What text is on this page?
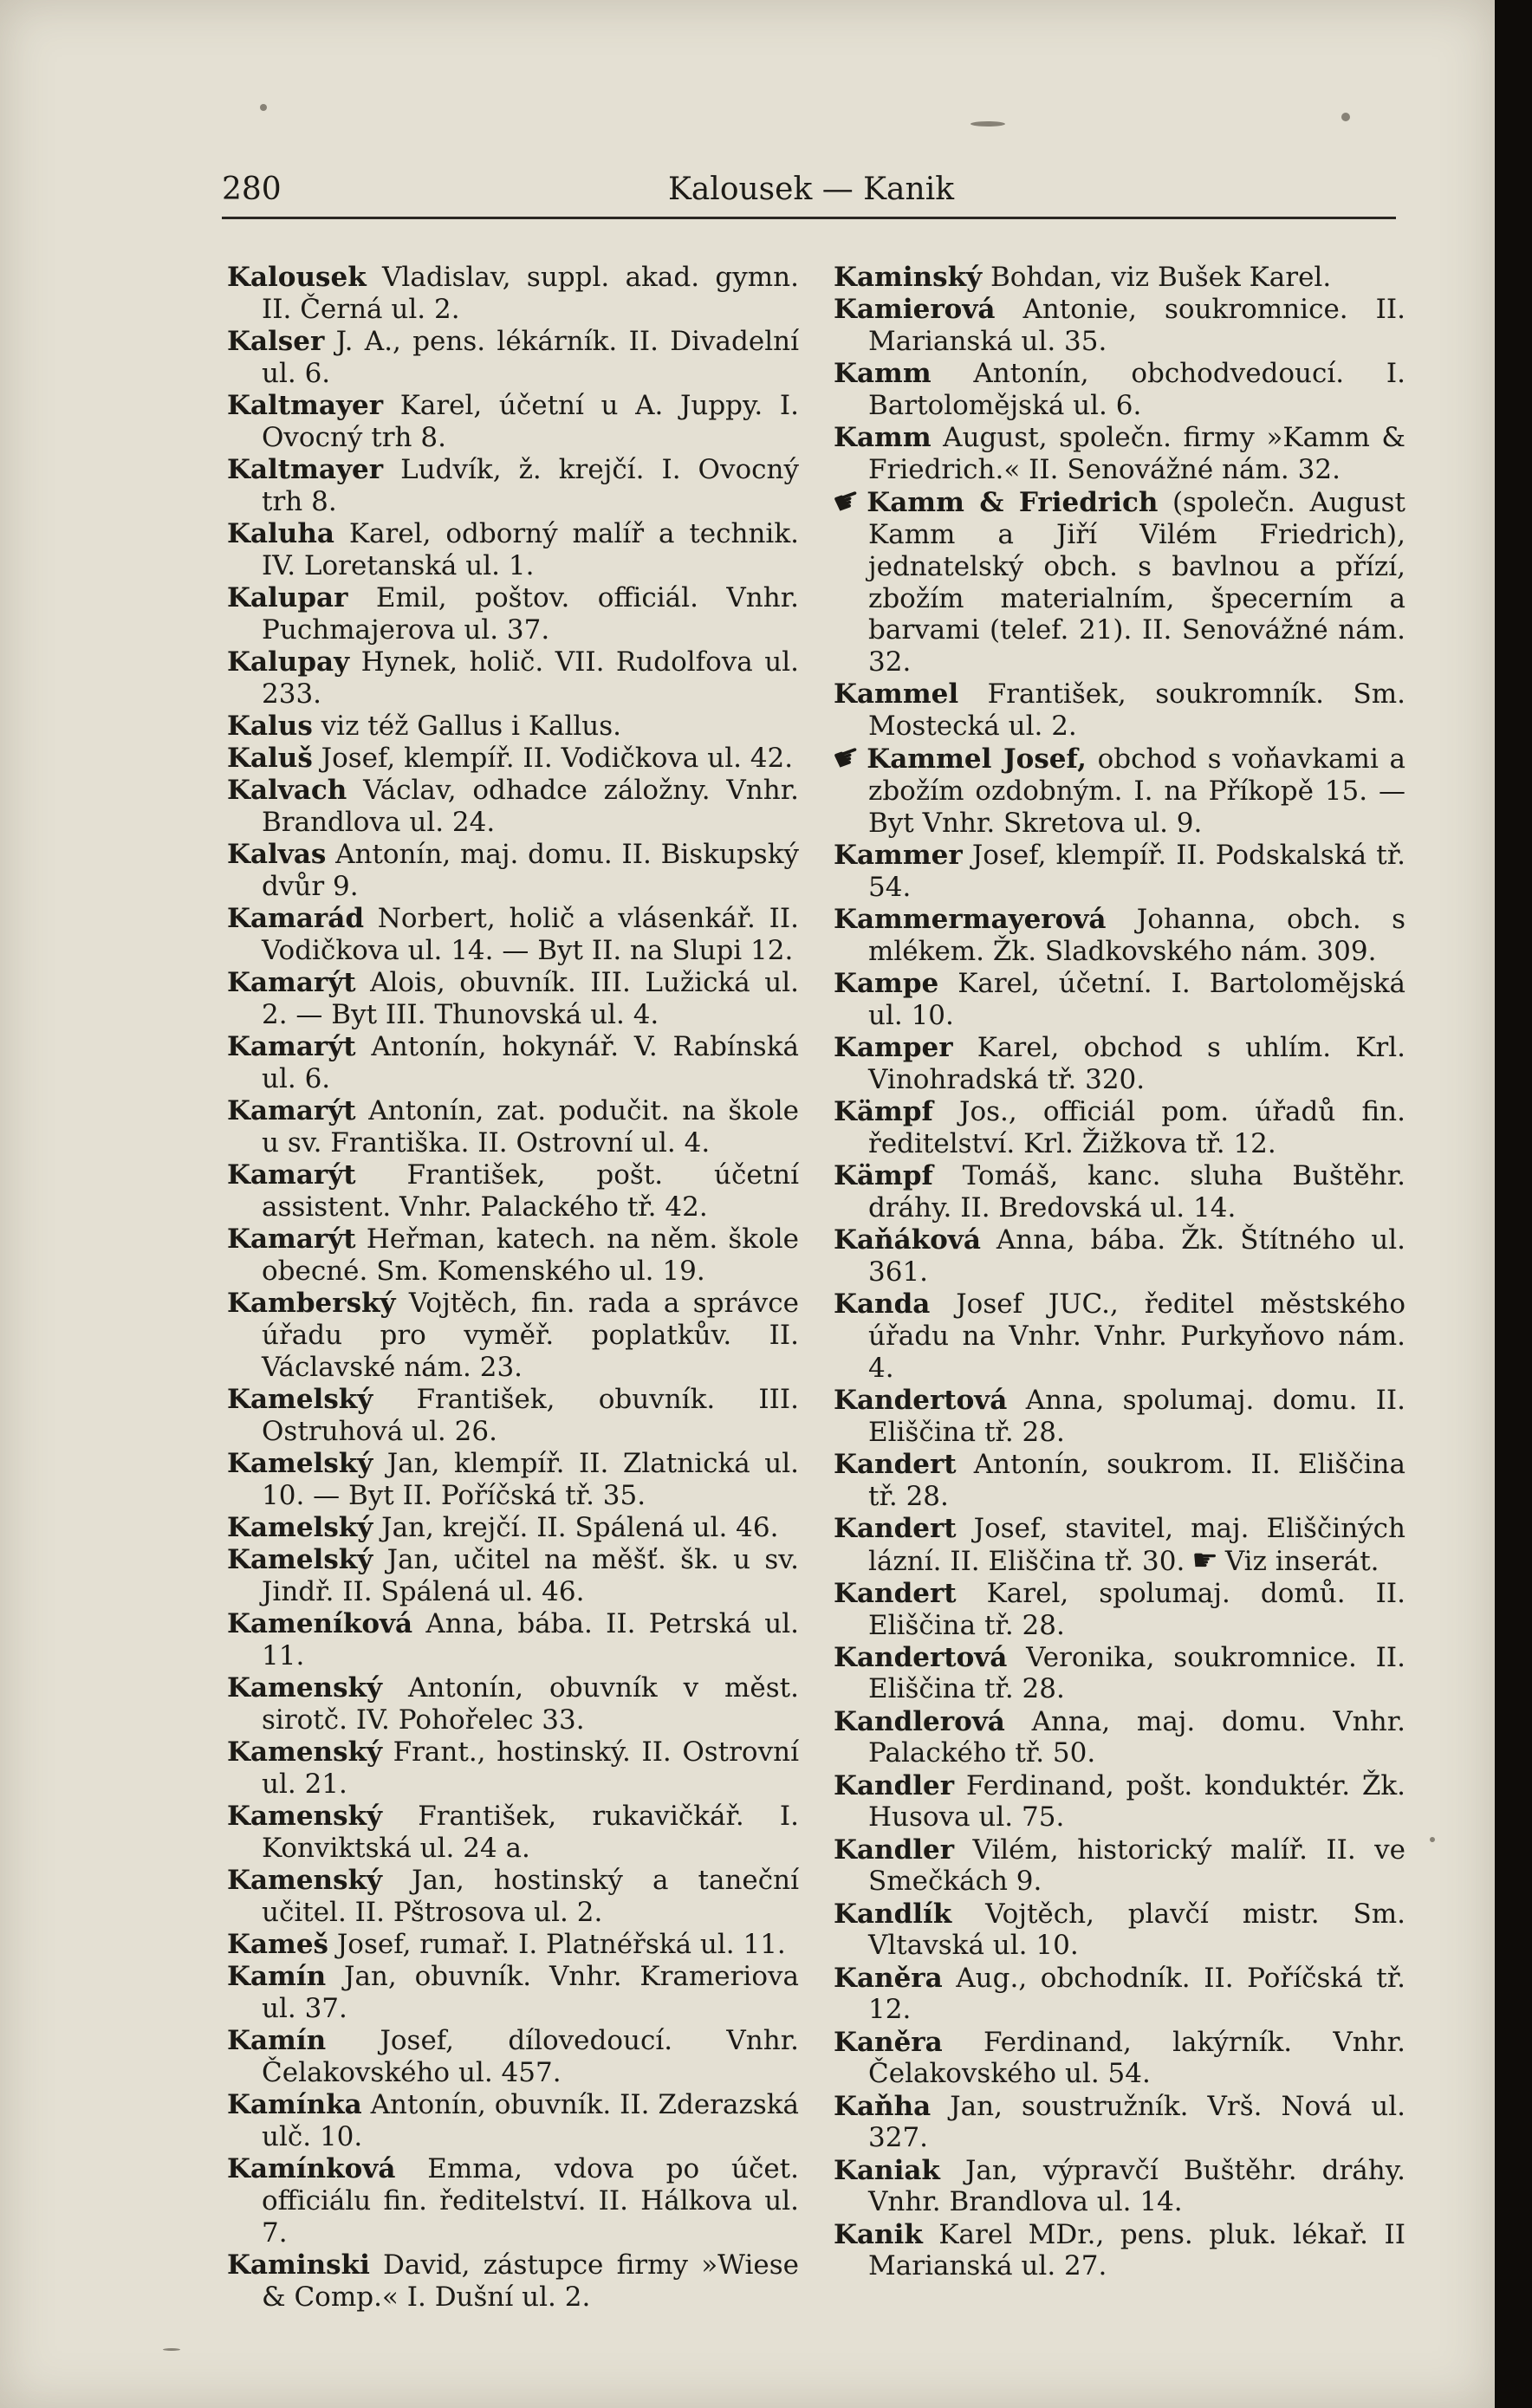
280	Kalousek — Kanik

Kalousek Vladislav, suppl. akad. gymn. II. Černá ul. 2.

Kalser J. A., pens. lékárník. II. Divadelní ul. 6.

Kaltmayer Karel, účetní u A. Juppy. I. Ovocný trh 8.

Kaltmayer Ludvík, ž. krejčí. I. Ovocný trh 8.

Kaluha Karel, odborný malíř a technik. IV. Loretanská ul. 1.

Kalupar Emil, poštov. officiál. Vnhr. Puchmajerova ul. 37.

Kalupay Hynek, holič. VII. Rudolfova ul. 233.

Kalus viz též Gallus i Kallus.

Kaluš Josef, klempíř. II. Vodičkova ul. 42.

Kalvach Václav, odhadce záložny. Vnhr. Brandlova ul. 24.

Kalvas Antonín, maj. domu. II. Biskupský dvůr 9.

Kamarád Norbert, holič a vlásenkář. II. Vodičkova ul. 14. — Byt II. na Slupi 12.

Kamarýt Alois, obuvník. III. Lužická ul. 2. — Byt III. Thunovská ul. 4.

Kamarýt Antonín, hokynář. V. Rabínská ul. 6.

Kamarýt Antonín, zat. podučit. na škole u sv. Františka. II. Ostrovní ul. 4.

Kamarýt František, pošt. účetní assistent. Vnhr. Palackého tř. 42.

Kamarýt Heřman, katech. na něm. škole obecné. Sm. Komenského ul. 19.

Kamberský Vojtěch, fin. rada a správce úřadu pro vyměř. poplatkův. II. Václavské nám. 23.

Kamelský František, obuvník. III. Ostruhová ul. 26.

Kamelský Jan, klempíř. II. Zlatnická ul. 10. — Byt II. Poříčská tř. 35.

Kamelský Jan, krejčí. II. Spálená ul. 46.

Kamelský Jan, učitel na měšť. šk. u sv. Jindř. II. Spálená ul. 46.

Kameníková Anna, bába. II. Petrská ul. 11.

Kamenský Antonín, obuvník v měst. sirotč. IV. Pohořelec 33.

Kamenský Frant., hostinský. II. Ostrovní ul. 21.

Kamenský František, rukavičkář. I. Konviktská ul. 24 a.

Kamenský Jan, hostinský a taneční učitel. II. Pštrosova ul. 2.

Kameš Josef, rumař. I. Platnéřská ul. 11.

Kamín Jan, obuvník. Vnhr. Krameriova ul. 37.

Kamín Josef, dílovedoucí. Vnhr. Čelakovského ul. 457.

Kamínka Antonín, obuvník. II. Zderazská ulč. 10.

Kamínková Emma, vdova po účet. officiálu fin. ředitelství. II. Hálkova ul. 7.

Kaminski David, zástupce firmy »Wiese & Comp.« I. Dušní ul. 2.

Kaminský Bohdan, viz Bušek Karel.

Kamierová Antonie, soukromnice. II. Marianská ul. 35.

Kamm Antonín, obchodvedoucí. I. Bartolomějská ul. 6.

Kamm August, společn. firmy »Kamm & Friedrich.« II. Senovážné nám. 32.

☛Kamm & Friedrich (společn. August Kamm a Jiří Vilém Friedrich), jednatelský obch. s bavlnou a přízí, zbožím materialním, špecerním a barvami (telef. 21). II. Senovážné nám. 32.

Kammel František, soukromník. Sm. Mostecká ul. 2.

☛Kammel Josef, obchod s voňavkami a zbožím ozdobným. I. na Příkopě 15. — Byt Vnhr. Skretova ul. 9.

Kammer Josef, klempíř. II. Podskalská tř. 54.

Kammermayerová Johanna, obch. s mlékem. Žk. Sladkovského nám. 309.

Kampe Karel, účetní. I. Bartolomějská ul. 10.

Kamper Karel, obchod s uhlím. Krl. Vinohradská tř. 320.

Kämpf Jos., officiál pom. úřadů fin. ředitelství. Krl. Žižkova tř. 12.

Kämpf Tomáš, kanc. sluha Buštěhr. dráhy. II. Bredovská ul. 14.

Kaňáková Anna, bába. Žk. Štítného ul. 361.

Kanda Josef JUC., ředitel městského úřadu na Vnhr. Vnhr. Purkyňovo nám. 4.

Kandertová Anna, spolumaj. domu. II. Eliščina tř. 28.

Kandert Antonín, soukrom. II. Eliščina tř. 28.

Kandert Josef, stavitel, maj. Eliščiných lázní. II. Eliščina tř. 30. ☛ Viz inserát.

Kandert Karel, spolumaj. domů. II. Eliščina tř. 28.

Kandertová Veronika, soukromnice. II. Eliščina tř. 28.

Kandlerová Anna, maj. domu. Vnhr. Palackého tř. 50.

Kandler Ferdinand, pošt. konduktér. Žk. Husova ul. 75.

Kandler Vilém, historický malíř. II. ve Smečkách 9.

Kandlík Vojtěch, plavčí mistr. Sm. Vltavská ul. 10.

Kaněra Aug., obchodník. II. Poříčská tř. 12.

Kaněra Ferdinand, lakýrník. Vnhr. Čelakovského ul. 54.

Kaňha Jan, soustružník. Vrš. Nová ul. 327.

Kaniak Jan, výpravčí Buštěhr. dráhy. Vnhr. Brandlova ul. 14.

Kanik Karel MDr., pens. pluk. lékař. II Marianská ul. 27.
